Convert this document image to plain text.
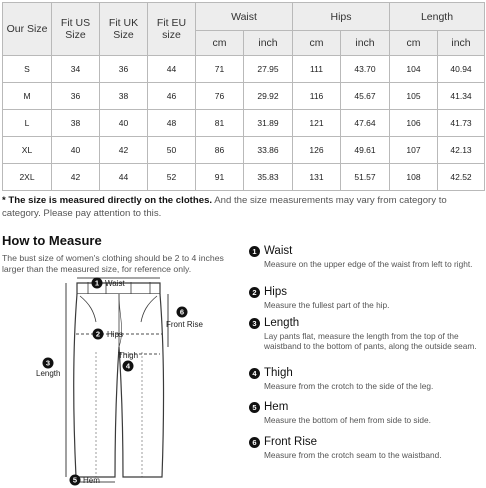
Our Size	Fit US Size	Fit UK Size	Fit EU size	Waist		Hips		Length	
				cm	inch	cm	inch	cm	inch
S	34	36	44	71	27.95	111	43.70	104	40.94
M	36	38	46	76	29.92	116	45.67	105	41.34
L	38	40	48	81	31.89	121	47.64	106	41.73
XL	40	42	50	86	33.86	126	49.61	107	42.13
2XL	42	44	52	91	35.83	131	51.57	108	42.52
* The size is measured directly on the clothes. And the size measurements may vary from category to category. Please pay attention to this.
How to Measure
The bust size of women's clothing should be 2 to 4 inches larger than the measured size, for reference only.
1
2
3	4
5
6
Waist
Hips
Length
Thigh
Hem
Front Rise
1 Waist
Measure on the upper edge of the waist from left to right.
2 Hips
Measure the fullest part of the hip.
3 Length
Lay pants flat, measure the length from the top of the waistband to the bottom of pants, along the outside seam.
4 Thigh
Measure from the crotch to the side of the leg.
5 Hem
Measure the bottom of hem from side to side.
6 Front Rise
Measure from the crotch seam to the waistband.
